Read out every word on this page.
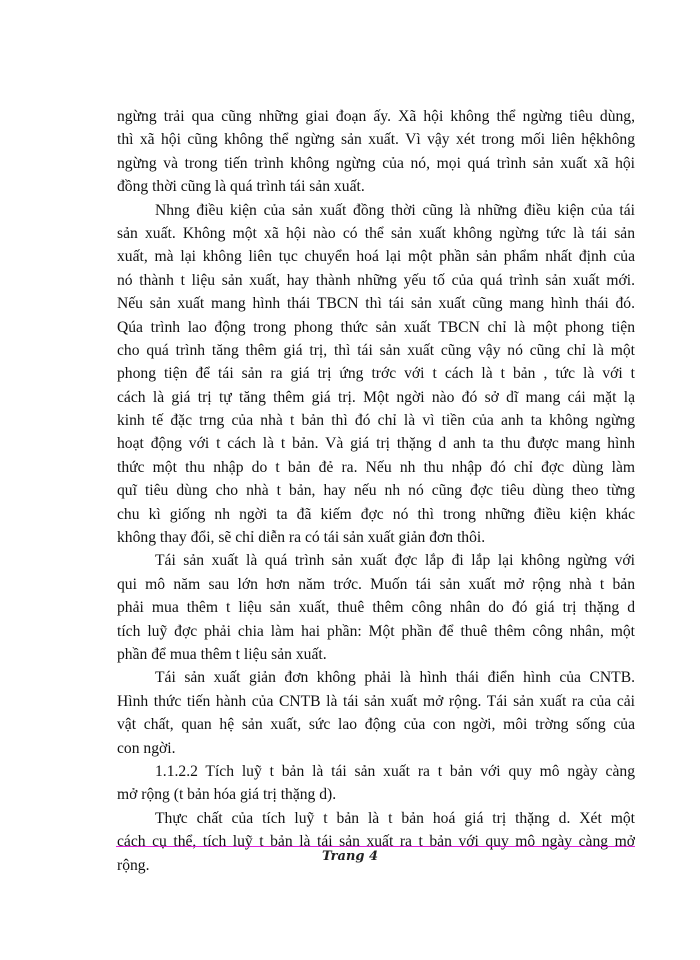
ngừng trải qua cũng những giai đoạn ấy. Xã hội không thể ngừng tiêu dùng,
thì xã hội cũng không thể ngừng sản xuất. Vì vậy xét trong mối liên hệkhông
ngừng và trong tiến trình không ngừng của nó, mọi quá trình sản xuất xã hội
đồng thời cũng là quá trình tái sản xuất.
Nhng điều kiện của sản xuất đồng thời cũng là những điều kiện của tái
sản xuất. Không một xã hội nào có thể sản xuất không ngừng tức là tái sản
xuất, mà lại không liên tục chuyển hoá lại một phần sản phẩm nhất định của
nó thành t liệu sản xuất, hay thành những yếu tố của quá trình sản xuất mới.
Nếu sản xuất mang hình thái TBCN thì tái sản xuất cũng mang hình thái đó.
Qúa trình lao động trong phong thức sản xuất TBCN chỉ là một phong tiện
cho quá trình tăng thêm giá trị, thì tái sản xuất cũng vậy nó cũng chỉ là một
phong tiện để tái sản ra giá trị ứng trớc với t cách là t bản , tức là với t
cách là giá trị tự tăng thêm giá trị. Một ngời nào đó sở dĩ mang cái mặt lạ
kinh tế đặc trng của nhà t bản thì đó chỉ là vì tiền của anh ta không ngừng
hoạt động với t cách là t bản. Và giá trị thặng d anh ta thu được mang hình
thức một thu nhập do t bản đẻ ra. Nếu nh thu nhập đó chỉ đợc dùng làm
quĩ tiêu dùng cho nhà t bản, hay nếu nh nó cũng đợc tiêu dùng theo từng
chu kì giống nh ngời ta đã kiếm đợc nó thì trong những điều kiện khác
không thay đổi, sẽ chỉ diễn ra có tái sản xuất giản đơn thôi.
Tái sản xuất là quá trình sản xuất đợc lắp đi lắp lại không ngừng với
qui mô năm sau lớn hơn năm trớc. Muốn tái sản xuất mở rộng nhà t bản
phải mua thêm t liệu sản xuất, thuê thêm công nhân do đó giá trị thặng d
tích luỹ đợc phải chia làm hai phần: Một phần để thuê thêm công nhân, một
phần để mua thêm t liệu sản xuất.
Tái sản xuất giản đơn không phải là hình thái điển hình của CNTB.
Hình thức tiến hành của CNTB là tái sản xuất mở rộng. Tái sản xuất ra của cải
vật chất, quan hệ sản xuất, sức lao động của con ngời, môi trờng sống của
con ngời.
1.1.2.2 Tích luỹ t bản là tái sản xuất ra t bản với quy mô ngày càng
mở rộng (t bản hóa giá trị thặng d).
Thực chất của tích luỹ t bản là t bản hoá giá trị thặng d. Xét một
cách cụ thể, tích luỹ t bản là tái sản xuất ra t bản với quy mô ngày càng mở
rộng.	Trang 4
